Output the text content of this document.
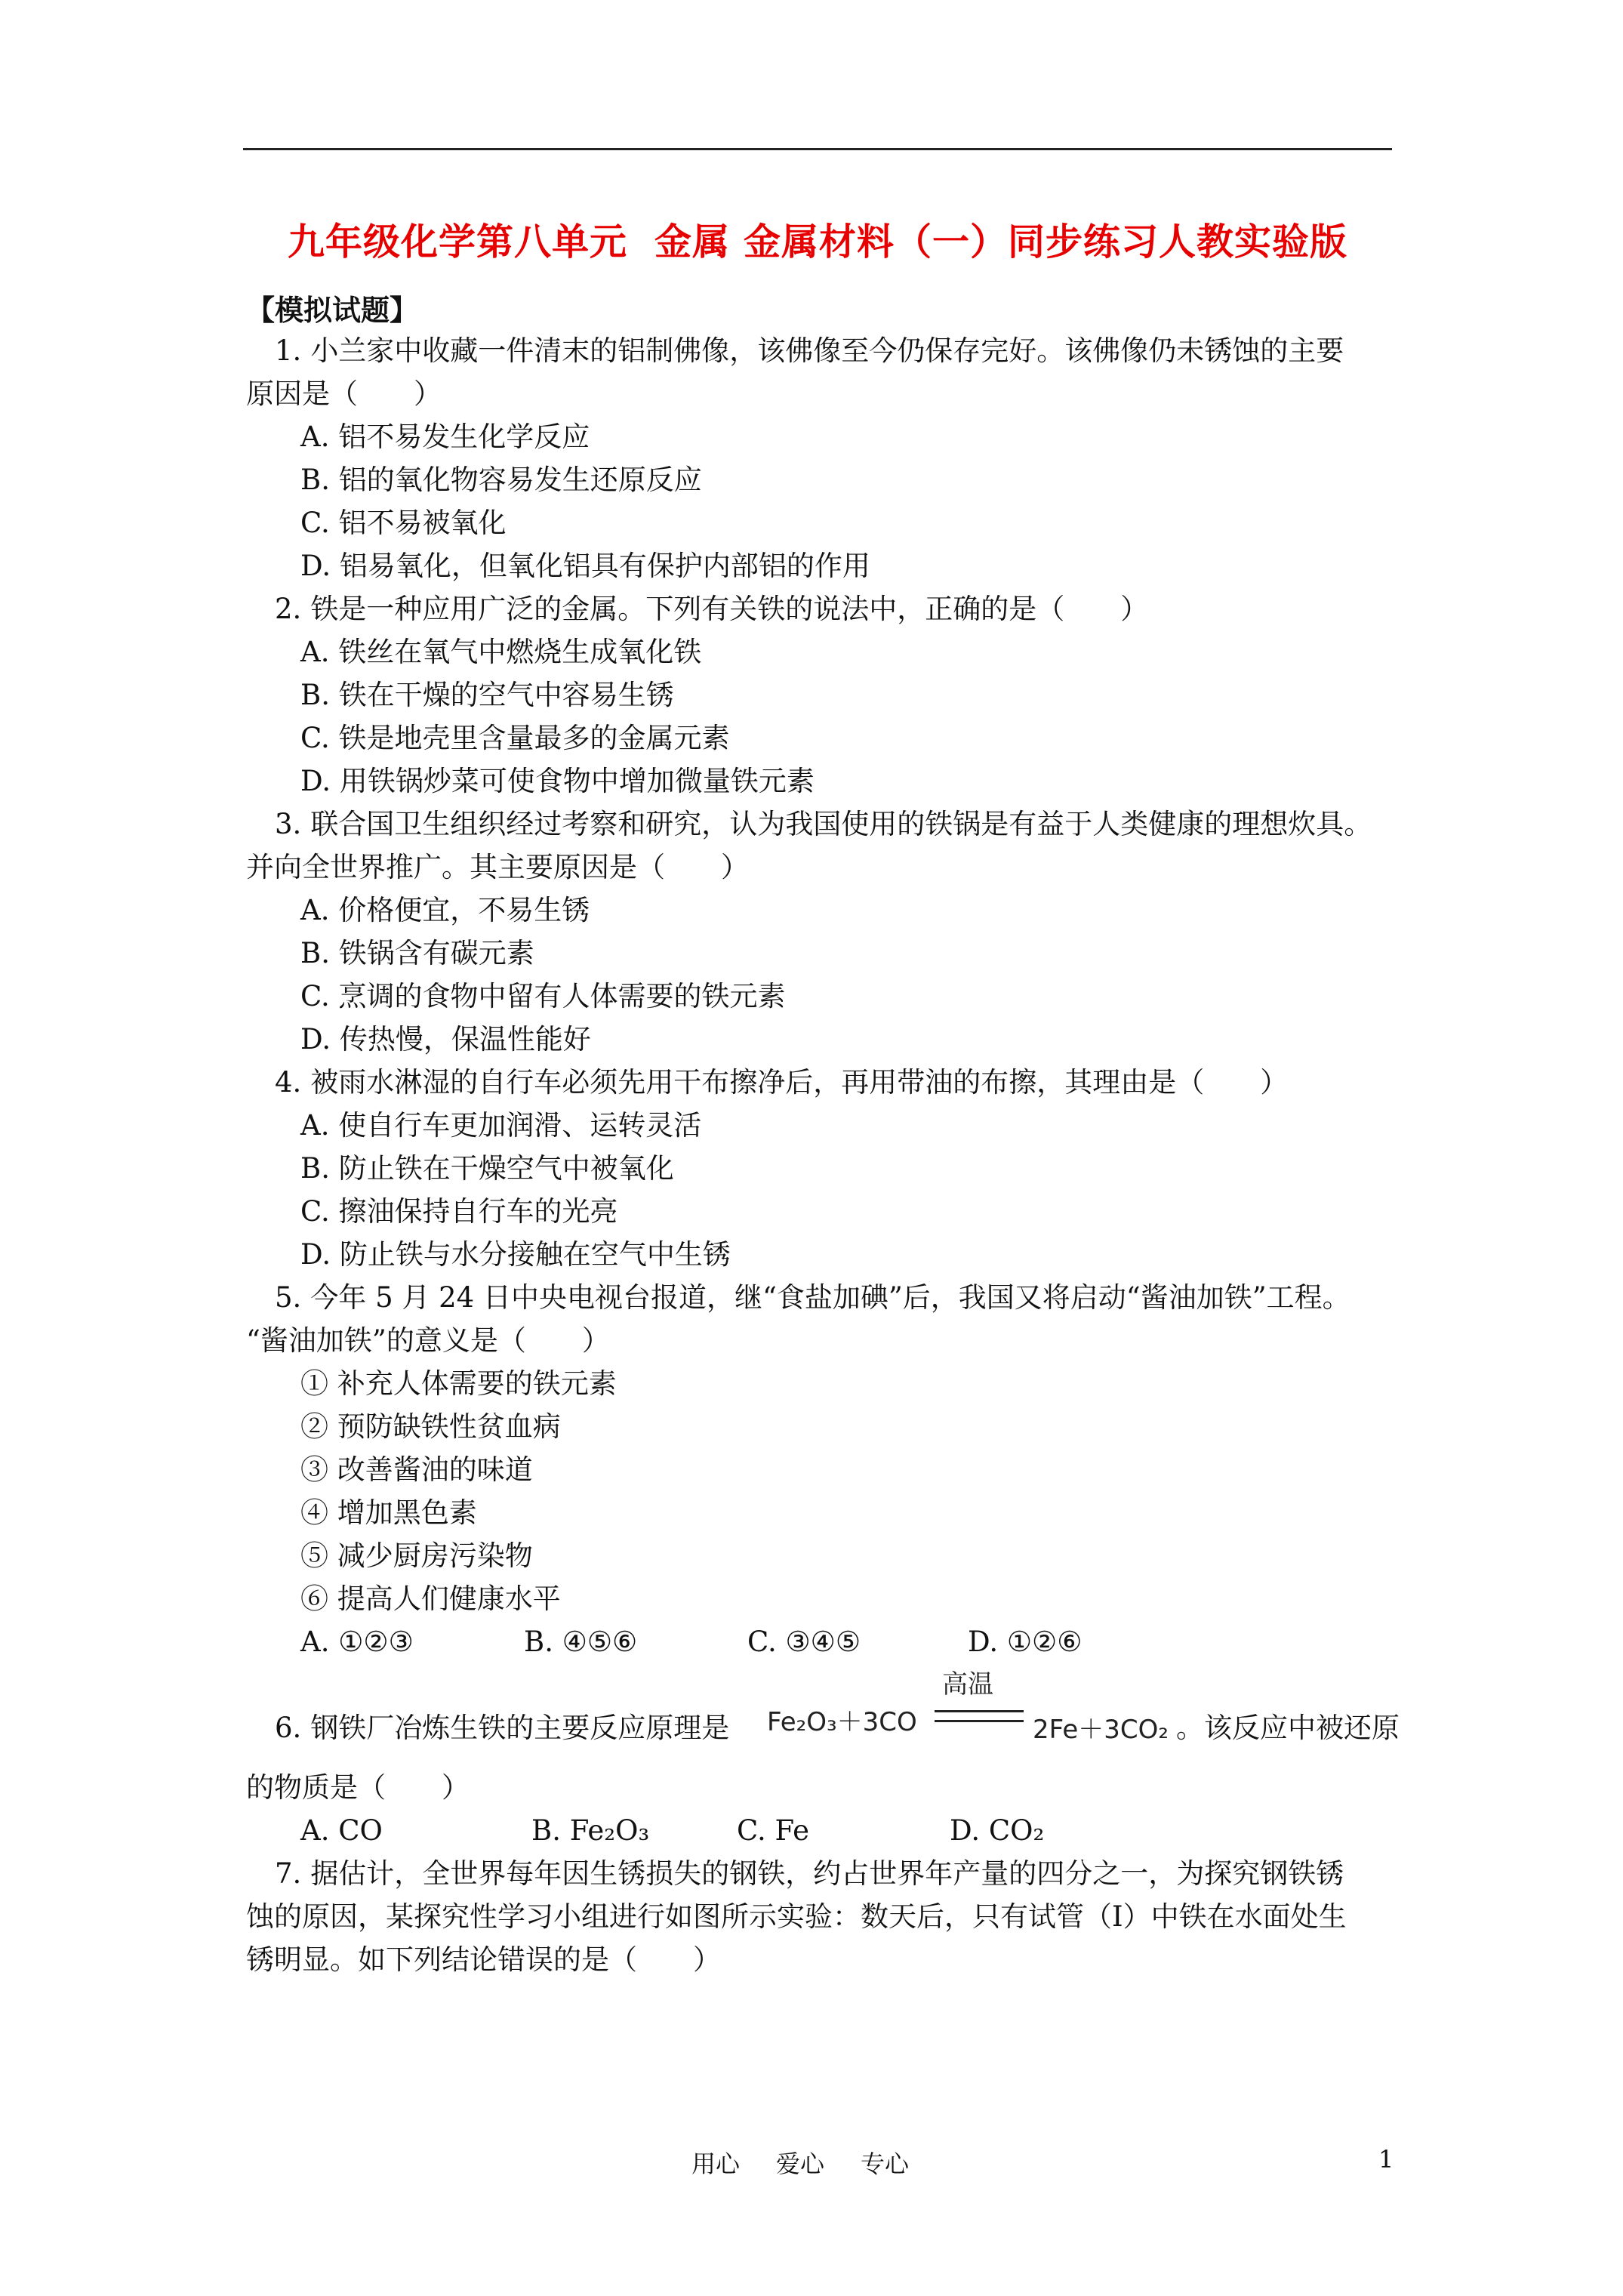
九年级化学第八单元 金属 金属材料（一）同步练习人教实验版
【模拟试题】
1. 小兰家中收藏一件清末的铝制佛像，该佛像至今仍保存完好。该佛像仍未锈蚀的主要
原因是（　　）
A. 铝不易发生化学反应
B. 铝的氧化物容易发生还原反应
C. 铝不易被氧化
D. 铝易氧化，但氧化铝具有保护内部铝的作用
2. 铁是一种应用广泛的金属。下列有关铁的说法中，正确的是（　　）
A. 铁丝在氧气中燃烧生成氧化铁
B. 铁在干燥的空气中容易生锈
C. 铁是地壳里含量最多的金属元素
D. 用铁锅炒菜可使食物中增加微量铁元素
3. 联合国卫生组织经过考察和研究，认为我国使用的铁锅是有益于人类健康的理想炊具。
并向全世界推广。其主要原因是（　　）
A. 价格便宜，不易生锈
B. 铁锅含有碳元素
C. 烹调的食物中留有人体需要的铁元素
D. 传热慢，保温性能好
4. 被雨水淋湿的自行车必须先用干布擦净后，再用带油的布擦，其理由是（　　）
A. 使自行车更加润滑、运转灵活
B. 防止铁在干燥空气中被氧化
C. 擦油保持自行车的光亮
D. 防止铁与水分接触在空气中生锈
5. 今年 5 月 24 日中央电视台报道，继“食盐加碘”后，我国又将启动“酱油加铁”工程。
“酱油加铁”的意义是（　　）
① 补充人体需要的铁元素
② 预防缺铁性贫血病
③ 改善酱油的味道
④ 增加黑色素
⑤ 减少厨房污染物
⑥ 提高人们健康水平
A. ①②③	B. ④⑤⑥	C. ③④⑤	D. ①②⑥
6. 钢铁厂冶炼生铁的主要反应原理是 Fe₂O₃＋3CO
高温
2Fe＋3CO₂ 。该反应中被还原
的物质是（　　）
A. CO	B. Fe₂O₃	C. Fe	D. CO₂
7. 据估计，全世界每年因生锈损失的钢铁，约占世界年产量的四分之一，为探究钢铁锈
蚀的原因，某探究性学习小组进行如图所示实验：数天后，只有试管（I）中铁在水面处生
锈明显。如下列结论错误的是（　　）
用心 爱心 专心	1
